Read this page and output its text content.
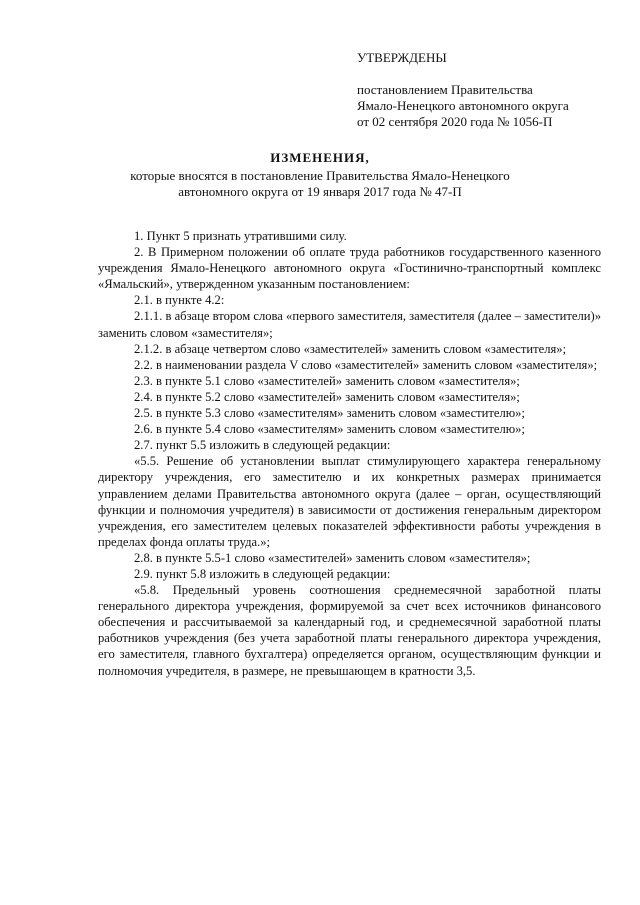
УТВЕРЖДЕНЫ
постановлением Правительства
Ямало-Ненецкого автономного округа
от 02 сентября 2020 года № 1056-П
ИЗМЕНЕНИЯ,
которые вносятся в постановление Правительства Ямало-Ненецкого
автономного округа от 19 января 2017 года № 47-П

1. Пункт 5 признать утратившими силу.

2. В Примерном положении об оплате труда работников государственного казенного учреждения Ямало-Ненецкого автономного округа «Гостинично-транспортный комплекс «Ямальский», утвержденном указанным постановлением:

2.1. в пункте 4.2:

2.1.1. в абзаце втором слова «первого заместителя, заместителя (далее – заместители)» заменить словом «заместителя»;

2.1.2. в абзаце четвертом слово «заместителей» заменить словом «заместителя»;

2.2. в наименовании раздела V слово «заместителей» заменить словом «заместителя»;

2.3. в пункте 5.1 слово «заместителей» заменить словом «заместителя»;

2.4. в пункте 5.2 слово «заместителей» заменить словом «заместителя»;

2.5. в пункте 5.3 слово «заместителям» заменить словом «заместителю»;

2.6. в пункте 5.4 слово «заместителям» заменить словом «заместителю»;

2.7. пункт 5.5 изложить в следующей редакции:

«5.5. Решение об установлении выплат стимулирующего характера генеральному директору учреждения, его заместителю и их конкретных размерах принимается управлением делами Правительства автономного округа (далее – орган, осуществляющий функции и полномочия учредителя) в зависимости от достижения генеральным директором учреждения, его заместителем целевых показателей эффективности работы учреждения в пределах фонда оплаты труда.»;

2.8. в пункте 5.5-1 слово «заместителей» заменить словом «заместителя»;

2.9. пункт 5.8 изложить в следующей редакции:

«5.8. Предельный уровень соотношения среднемесячной заработной платы генерального директора учреждения, формируемой за счет всех источников финансового обеспечения и рассчитываемой за календарный год, и среднемесячной заработной платы работников учреждения (без учета заработной платы генерального директора учреждения, его заместителя, главного бухгалтера) определяется органом, осуществляющим функции и полномочия учредителя, в размере, не превышающем в кратности 3,5.
